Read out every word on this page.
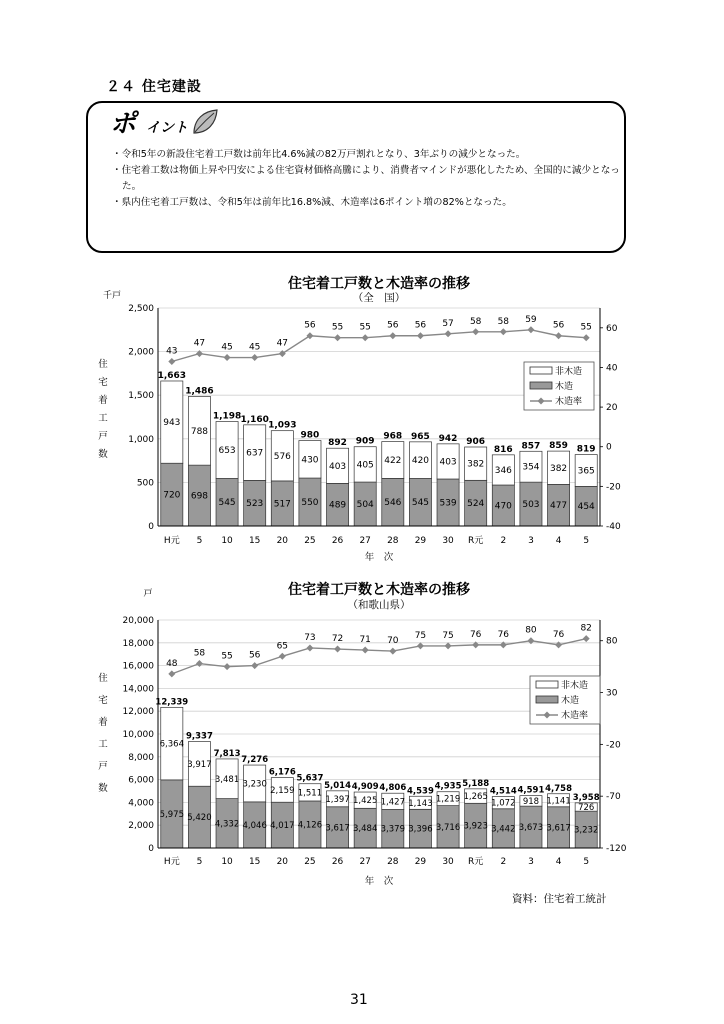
２４ 住宅建設
ポ イント
・ 令和5年の新設住宅着工戸数は前年比4.6%減の82万戸割れとなり、3年ぶりの減少となった。
・ 住宅着工数は物価上昇や円安による住宅資材価格高騰により、消費者マインドが悪化したため、全国的に減少となった。
・ 県内住宅着工戸数は、令和5年は前年比16.8%減、木造率は6ポイント増の82%となった。
住宅着工戸数と木造率の推移
（全　国）
千戸
住
宅
着
工
戸
数
0
500
1,000
1,500
2,000
2,500
-40
-20
0
20
40
60
720
943
1,663
H元
698
788
1,486
5
545
653
1,198
10
523
637
1,160
15
517
576
1,093
20
550
430
980
25
489
403
892
26
504
405
909
27
546
422
968
28
545
420
965
29
539
403
942
30
524
382
906
R元
470
346
816
2
503
354
857
3
477
382
859
4
454
365
819
5
43
47 45 45 47
56 55 55 56 56 57 58 58 59
56 55
年　次
非木造
木造
木造率
住宅着工戸数と木造率の推移
（和歌山県）
戸
住
宅
着
工
戸
数
0
2,000
4,000
6,000
8,000
10,000
12,000
14,000
16,000
18,000
20,000
-120
-70
-20
30
80
5,975
6,364
12,339
H元
5,420
3,917
9,337
5
4,332
3,481
7,813
10
4,046
3,230
7,276
15
4,017
2,159
6,176
20
4,126
1,511
5,637
25
3,617
1,397
5,014
26
3,484
1,425
4,909
27
3,379
1,427
4,806
28
3,396
1,143
4,539
29
3,716
1,219
4,935
30
3,923
1,265
5,188
R元
3,442
1,072
4,514
2
3,673
918
4,591
3
3,617
1,141
4,758
4
3,232
726
3,958
5
48
58 55 56
65
73 72 71 70
75 75 76 76 80 76
82
年　次
非木造
木造
木造率
資料：住宅着工統計
31
